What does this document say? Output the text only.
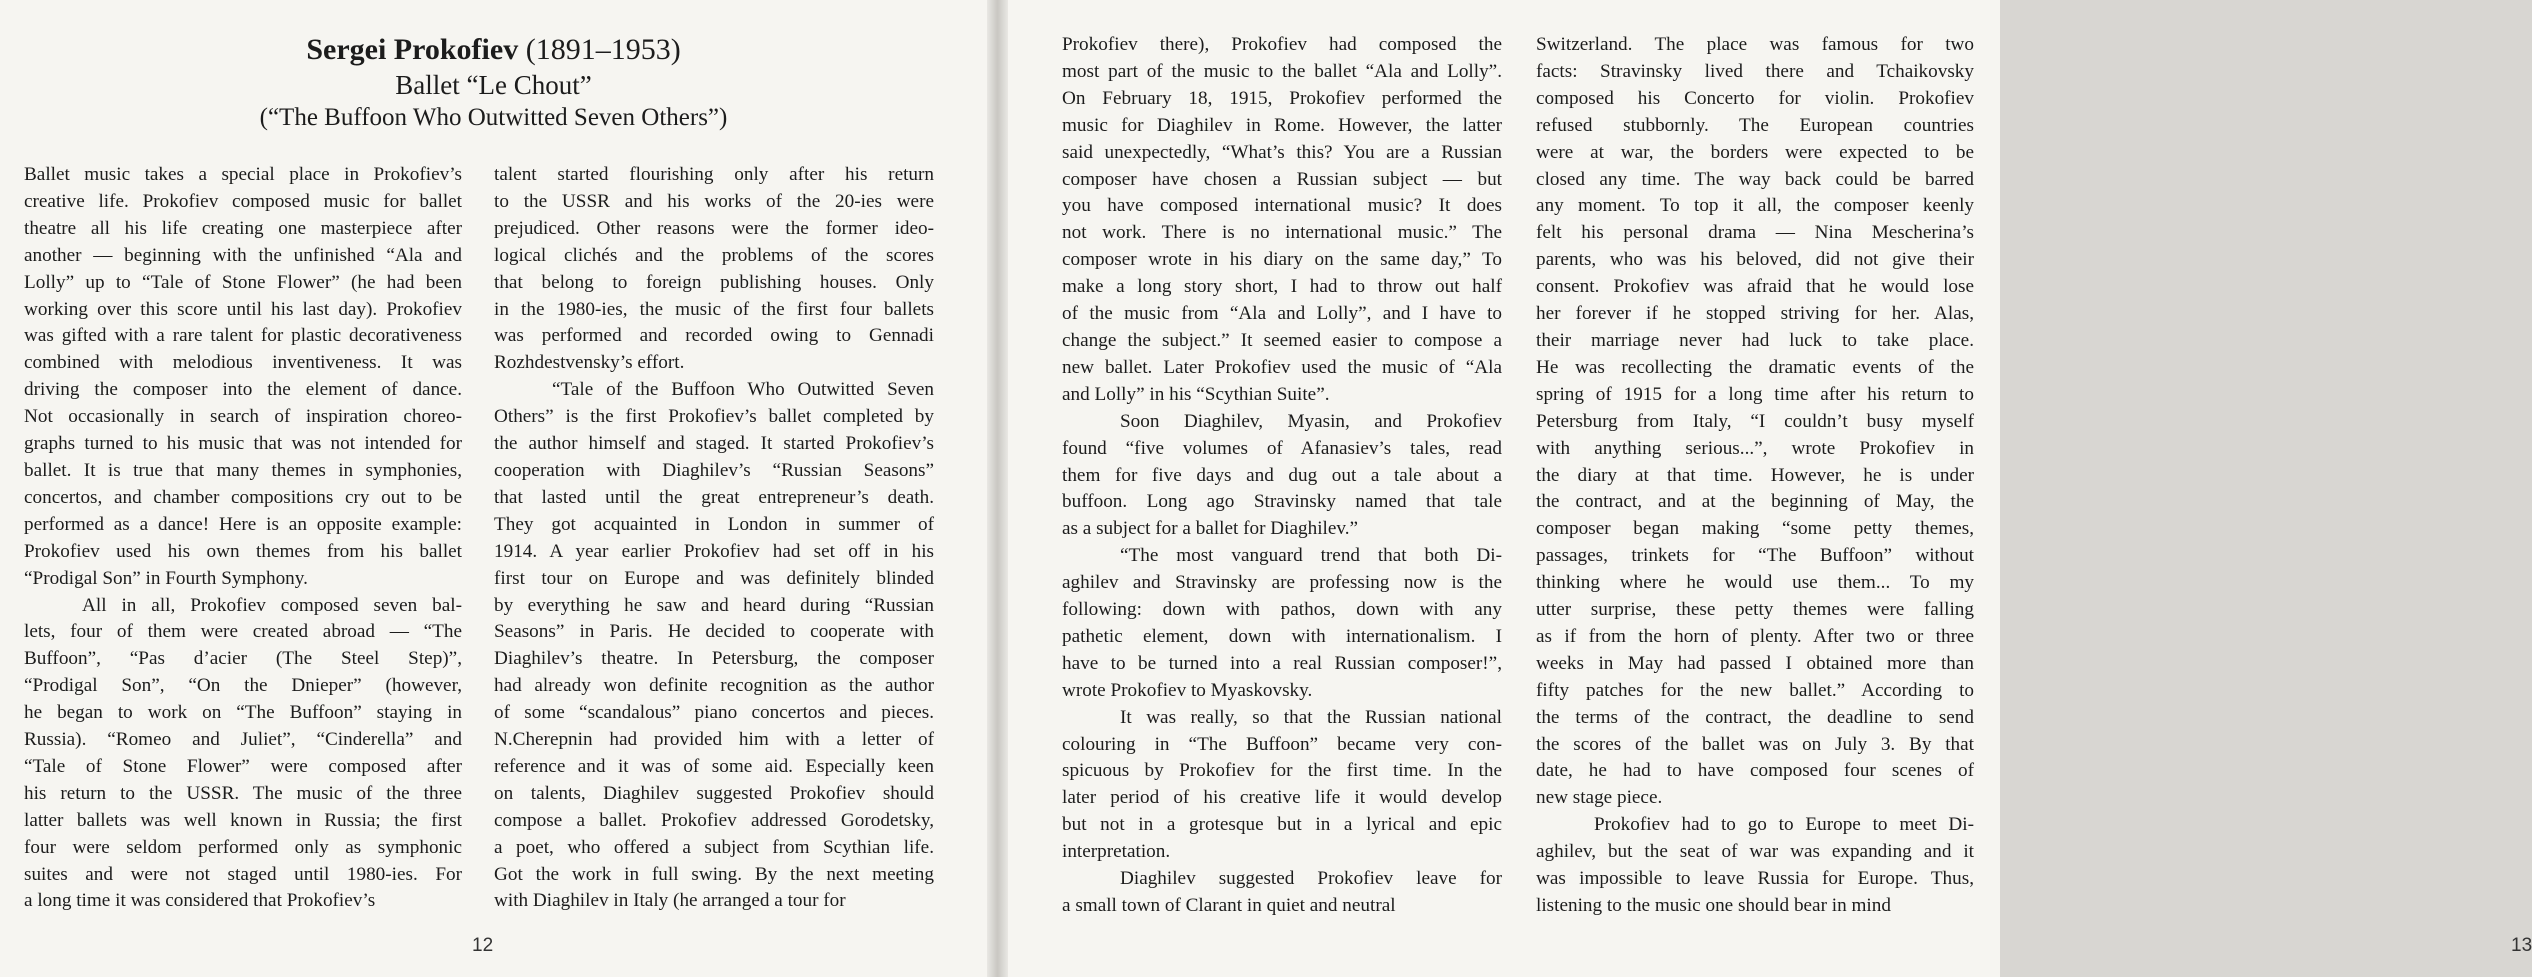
Sergei Prokofiev (1891–1953)
Ballet “Le Chout”
(“The Buffoon Who Outwitted Seven Others”)
Ballet music takes a special place in Prokofiev’s
creative life. Prokofiev composed music for ballet
theatre all his life creating one masterpiece after
another — beginning with the unfinished “Ala and
Lolly” up to “Tale of Stone Flower” (he had been
working over this score until his last day). Prokofiev
was gifted with a rare talent for plastic decorativeness
combined with melodious inventiveness. It was
driving the composer into the element of dance.
Not occasionally in search of inspiration choreo-
graphs turned to his music that was not intended for
ballet. It is true that many themes in symphonies,
concertos, and chamber compositions cry out to be
performed as a dance! Here is an opposite example:
Prokofiev used his own themes from his ballet
“Prodigal Son” in Fourth Symphony.
All in all, Prokofiev composed seven bal-
lets, four of them were created abroad — “The
Buffoon”, “Pas d’acier (The Steel Step)”,
“Prodigal Son”, “On the Dnieper” (however,
he began to work on “The Buffoon” staying in
Russia). “Romeo and Juliet”, “Cinderella” and
“Tale of Stone Flower” were composed after
his return to the USSR. The music of the three
latter ballets was well known in Russia; the first
four were seldom performed only as symphonic
suites and were not staged until 1980-ies. For
a long time it was considered that Prokofiev’s
talent started flourishing only after his return
to the USSR and his works of the 20-ies were
prejudiced. Other reasons were the former ideo-
logical clichés and the problems of the scores
that belong to foreign publishing houses. Only
in the 1980-ies, the music of the first four ballets
was performed and recorded owing to Gennadi
Rozhdestvensky’s effort.
“Tale of the Buffoon Who Outwitted Seven
Others” is the first Prokofiev’s ballet completed by
the author himself and staged. It started Prokofiev’s
cooperation with Diaghilev’s “Russian Seasons”
that lasted until the great entrepreneur’s death.
They got acquainted in London in summer of
1914. A year earlier Prokofiev had set off in his
first tour on Europe and was definitely blinded
by everything he saw and heard during “Russian
Seasons” in Paris. He decided to cooperate with
Diaghilev’s theatre. In Petersburg, the composer
had already won definite recognition as the author
of some “scandalous” piano concertos and pieces.
N.Cherepnin had provided him with a letter of
reference and it was of some aid. Especially keen
on talents, Diaghilev suggested Prokofiev should
compose a ballet. Prokofiev addressed Gorodetsky,
a poet, who offered a subject from Scythian life.
Got the work in full swing. By the next meeting
with Diaghilev in Italy (he arranged a tour for
12	13
Prokofiev there), Prokofiev had composed the
most part of the music to the ballet “Ala and Lolly”.
On February 18, 1915, Prokofiev performed the
music for Diaghilev in Rome. However, the latter
said unexpectedly, “What’s this? You are a Russian
composer have chosen a Russian subject — but
you have composed international music? It does
not work. There is no international music.” The
composer wrote in his diary on the same day,” To
make a long story short, I had to throw out half
of the music from “Ala and Lolly”, and I have to
change the subject.” It seemed easier to compose a
new ballet. Later Prokofiev used the music of “Ala
and Lolly” in his “Scythian Suite”.
Soon Diaghilev, Myasin, and Prokofiev
found “five volumes of Afanasiev’s tales, read
them for five days and dug out a tale about a
buffoon. Long ago Stravinsky named that tale
as a subject for a ballet for Diaghilev.”
“The most vanguard trend that both Di-
aghilev and Stravinsky are professing now is the
following: down with pathos, down with any
pathetic element, down with internationalism. I
have to be turned into a real Russian composer!”,
wrote Prokofiev to Myaskovsky.
It was really, so that the Russian national
colouring in “The Buffoon” became very con-
spicuous by Prokofiev for the first time. In the
later period of his creative life it would develop
but not in a grotesque but in a lyrical and epic
interpretation.
Diaghilev suggested Prokofiev leave for
a small town of Clarant in quiet and neutral
Switzerland. The place was famous for two
facts: Stravinsky lived there and Tchaikovsky
composed his Concerto for violin. Prokofiev
refused stubbornly. The European countries
were at war, the borders were expected to be
closed any time. The way back could be barred
any moment. To top it all, the composer keenly
felt his personal drama — Nina Mescherina’s
parents, who was his beloved, did not give their
consent. Prokofiev was afraid that he would lose
her forever if he stopped striving for her. Alas,
their marriage never had luck to take place.
He was recollecting the dramatic events of the
spring of 1915 for a long time after his return to
Petersburg from Italy, “I couldn’t busy myself
with anything serious...”, wrote Prokofiev in
the diary at that time. However, he is under
the contract, and at the beginning of May, the
composer began making “some petty themes,
passages, trinkets for “The Buffoon” without
thinking where he would use them... To my
utter surprise, these petty themes were falling
as if from the horn of plenty. After two or three
weeks in May had passed I obtained more than
fifty patches for the new ballet.” According to
the terms of the contract, the deadline to send
the scores of the ballet was on July 3. By that
date, he had to have composed four scenes of
new stage piece.
Prokofiev had to go to Europe to meet Di-
aghilev, but the seat of war was expanding and it
was impossible to leave Russia for Europe. Thus,
listening to the music one should bear in mind
